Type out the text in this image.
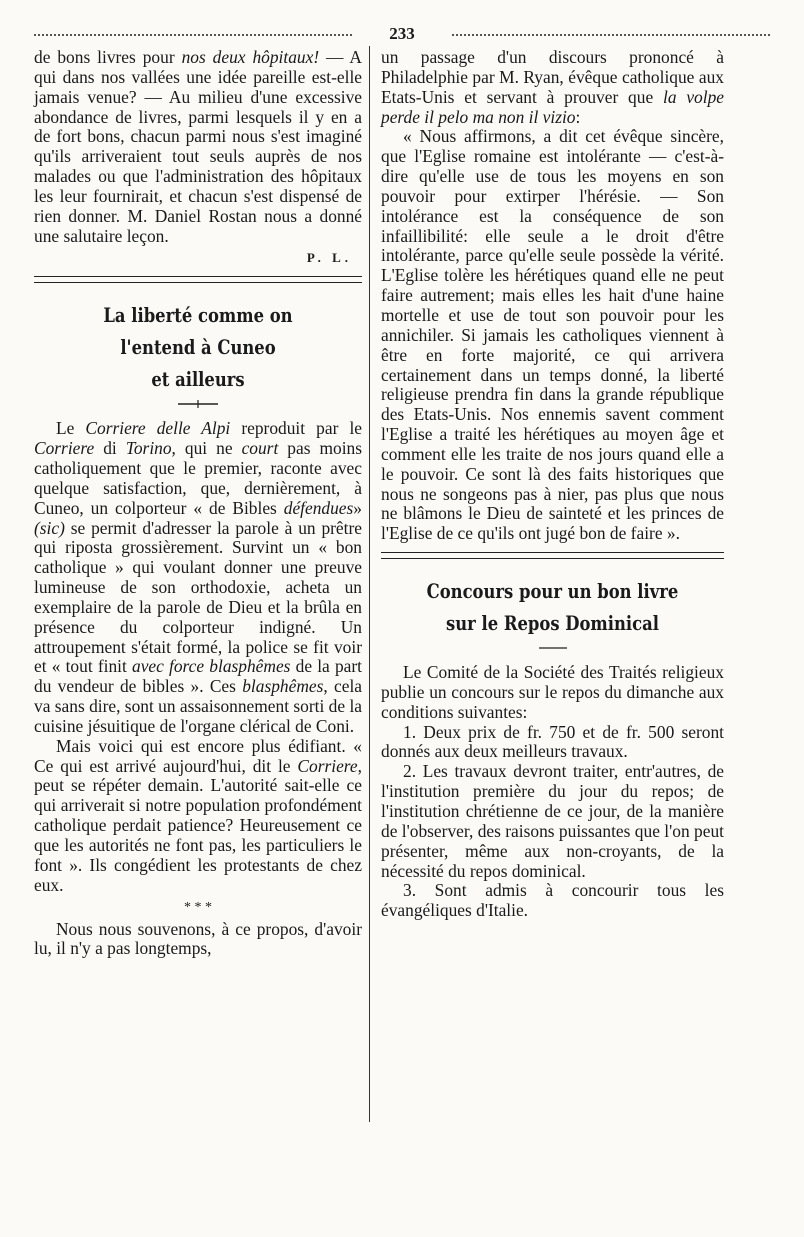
233

de bons livres pour nos deux hôpitaux! — A qui dans nos vallées une idée pareille est-elle jamais venue? — Au milieu d'une excessive abondance de livres, parmi lesquels il y en a de fort bons, chacun parmi nous s'est imaginé qu'ils arriveraient tout seuls auprès de nos malades ou que l'administration des hôpitaux les leur fournirait, et chacun s'est dispensé de rien donner. M. Daniel Rostan nous a donné une salutaire leçon.

P. L.
La liberté comme on l'entend à Cuneo
et ailleurs

Le Corriere delle Alpi reproduit par le Corriere di Torino, qui ne court pas moins catholiquement que le premier, raconte avec quelque satisfaction, que, dernièrement, à Cuneo, un colporteur « de Bibles défendues» (sic) se permit d'adresser la parole à un prêtre qui riposta grossièrement. Survint un « bon catholique » qui voulant donner une preuve lumineuse de son orthodoxie, acheta un exemplaire de la parole de Dieu et la brûla en présence du colporteur indigné. Un attroupement s'était formé, la police se fit voir et « tout finit avec force blasphêmes de la part du vendeur de bibles ». Ces blasphêmes, cela va sans dire, sont un assaisonnement sorti de la cuisine jésuitique de l'organe clérical de Coni.

Mais voici qui est encore plus édifiant. « Ce qui est arrivé aujourd'hui, dit le Corriere, peut se répéter demain. L'autorité sait-elle ce qui arriverait si notre population profondément catholique perdait patience? Heureusement ce que les autorités ne font pas, les particuliers le font ». Ils congédient les protestants de chez eux.

* * *

Nous nous souvenons, à ce propos, d'avoir lu, il n'y a pas longtemps,

un passage d'un discours prononcé à Philadelphie par M. Ryan, évêque catholique aux Etats-Unis et servant à prouver que la volpe perde il pelo ma non il vizio:

« Nous affirmons, a dit cet évêque sincère, que l'Eglise romaine est intolérante — c'est-à-dire qu'elle use de tous les moyens en son pouvoir pour extirper l'hérésie. — Son intolérance est la conséquence de son infaillibilité: elle seule a le droit d'être intolérante, parce qu'elle seule possède la vérité. L'Eglise tolère les hérétiques quand elle ne peut faire autrement; mais elles les hait d'une haine mortelle et use de tout son pouvoir pour les annichiler. Si jamais les catholiques viennent à être en forte majorité, ce qui arrivera certainement dans un temps donné, la liberté religieuse prendra fin dans la grande république des Etats-Unis. Nos ennemis savent comment l'Eglise a traité les hérétiques au moyen âge et comment elle les traite de nos jours quand elle a le pouvoir. Ce sont là des faits historiques que nous ne songeons pas à nier, pas plus que nous ne blâmons le Dieu de sainteté et les princes de l'Eglise de ce qu'ils ont jugé bon de faire ».

Concours pour un bon livre
sur le Repos Dominical

Le Comité de la Société des Traités religieux publie un concours sur le repos du dimanche aux conditions suivantes:

1. Deux prix de fr. 750 et de fr. 500 seront donnés aux deux meilleurs travaux.

2. Les travaux devront traiter, entr'autres, de l'institution première du jour du repos; de l'institution chrétienne de ce jour, de la manière de l'observer, des raisons puissantes que l'on peut présenter, même aux non-croyants, de la nécessité du repos dominical.

3. Sont admis à concourir tous les évangéliques d'Italie.
